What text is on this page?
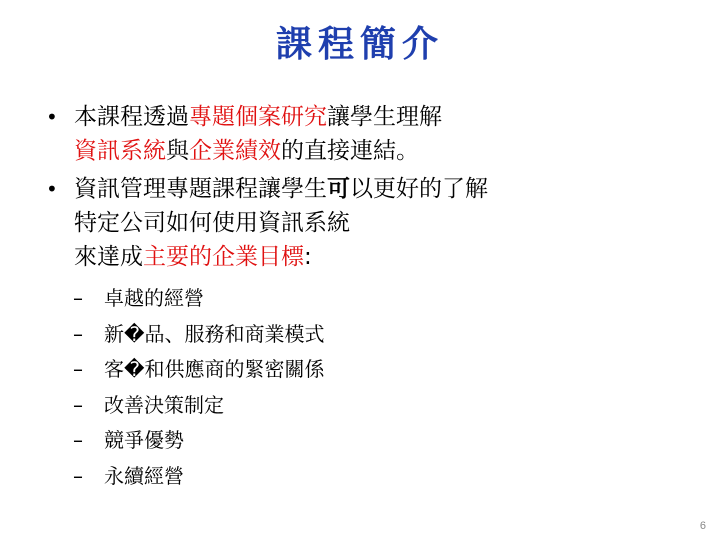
課程簡介
• 本課程透過專題個案研究讓學生理解
資訊系統與企業績效的直接連結。
• 資訊管理專題課程讓學生可以更好的了解
特定公司如何使用資訊系統
來達成主要的企業目標:
– 卓越的經營
– 新�品、服務和商業模式
– 客�和供應商的緊密關係
– 改善決策制定
– 競爭優勢
– 永續經營
6
